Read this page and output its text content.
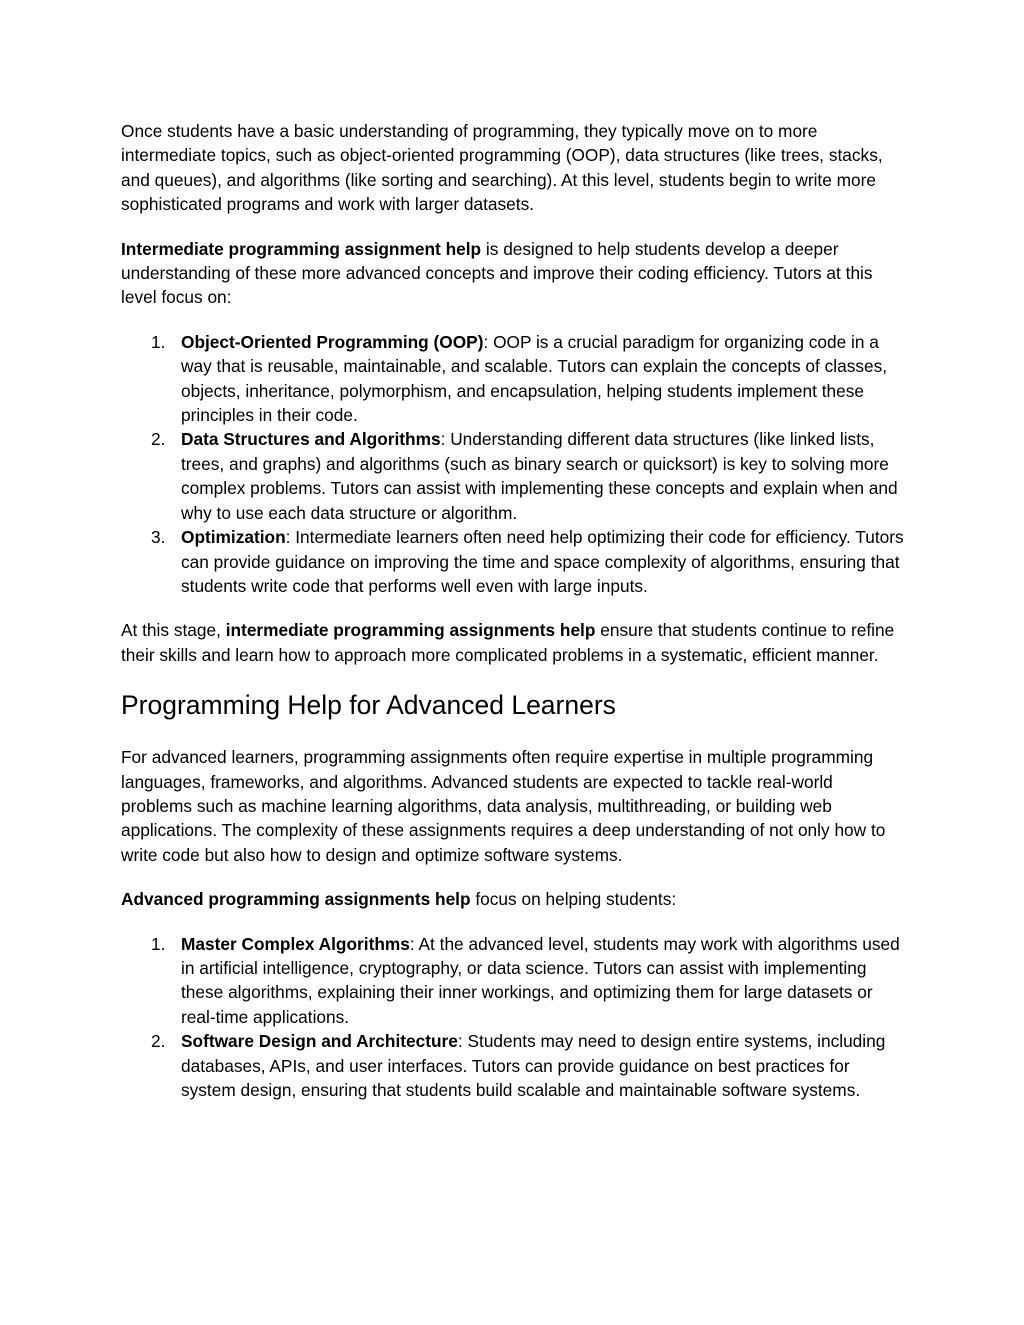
Once students have a basic understanding of programming, they typically move on to more intermediate topics, such as object-oriented programming (OOP), data structures (like trees, stacks, and queues), and algorithms (like sorting and searching). At this level, students begin to write more sophisticated programs and work with larger datasets.

Intermediate programming assignment help is designed to help students develop a deeper understanding of these more advanced concepts and improve their coding efficiency. Tutors at this level focus on:

1. Object-Oriented Programming (OOP): OOP is a crucial paradigm for organizing code in a way that is reusable, maintainable, and scalable. Tutors can explain the concepts of classes, objects, inheritance, polymorphism, and encapsulation, helping students implement these principles in their code.
2. Data Structures and Algorithms: Understanding different data structures (like linked lists, trees, and graphs) and algorithms (such as binary search or quicksort) is key to solving more complex problems. Tutors can assist with implementing these concepts and explain when and why to use each data structure or algorithm.
3. Optimization: Intermediate learners often need help optimizing their code for efficiency. Tutors can provide guidance on improving the time and space complexity of algorithms, ensuring that students write code that performs well even with large inputs.

At this stage, intermediate programming assignments help ensure that students continue to refine their skills and learn how to approach more complicated problems in a systematic, efficient manner.

Programming Help for Advanced Learners

For advanced learners, programming assignments often require expertise in multiple programming languages, frameworks, and algorithms. Advanced students are expected to tackle real-world problems such as machine learning algorithms, data analysis, multithreading, or building web applications. The complexity of these assignments requires a deep understanding of not only how to write code but also how to design and optimize software systems.

Advanced programming assignments help focus on helping students:

1. Master Complex Algorithms: At the advanced level, students may work with algorithms used in artificial intelligence, cryptography, or data science. Tutors can assist with implementing these algorithms, explaining their inner workings, and optimizing them for large datasets or real-time applications.
2. Software Design and Architecture: Students may need to design entire systems, including databases, APIs, and user interfaces. Tutors can provide guidance on best practices for system design, ensuring that students build scalable and maintainable software systems.
